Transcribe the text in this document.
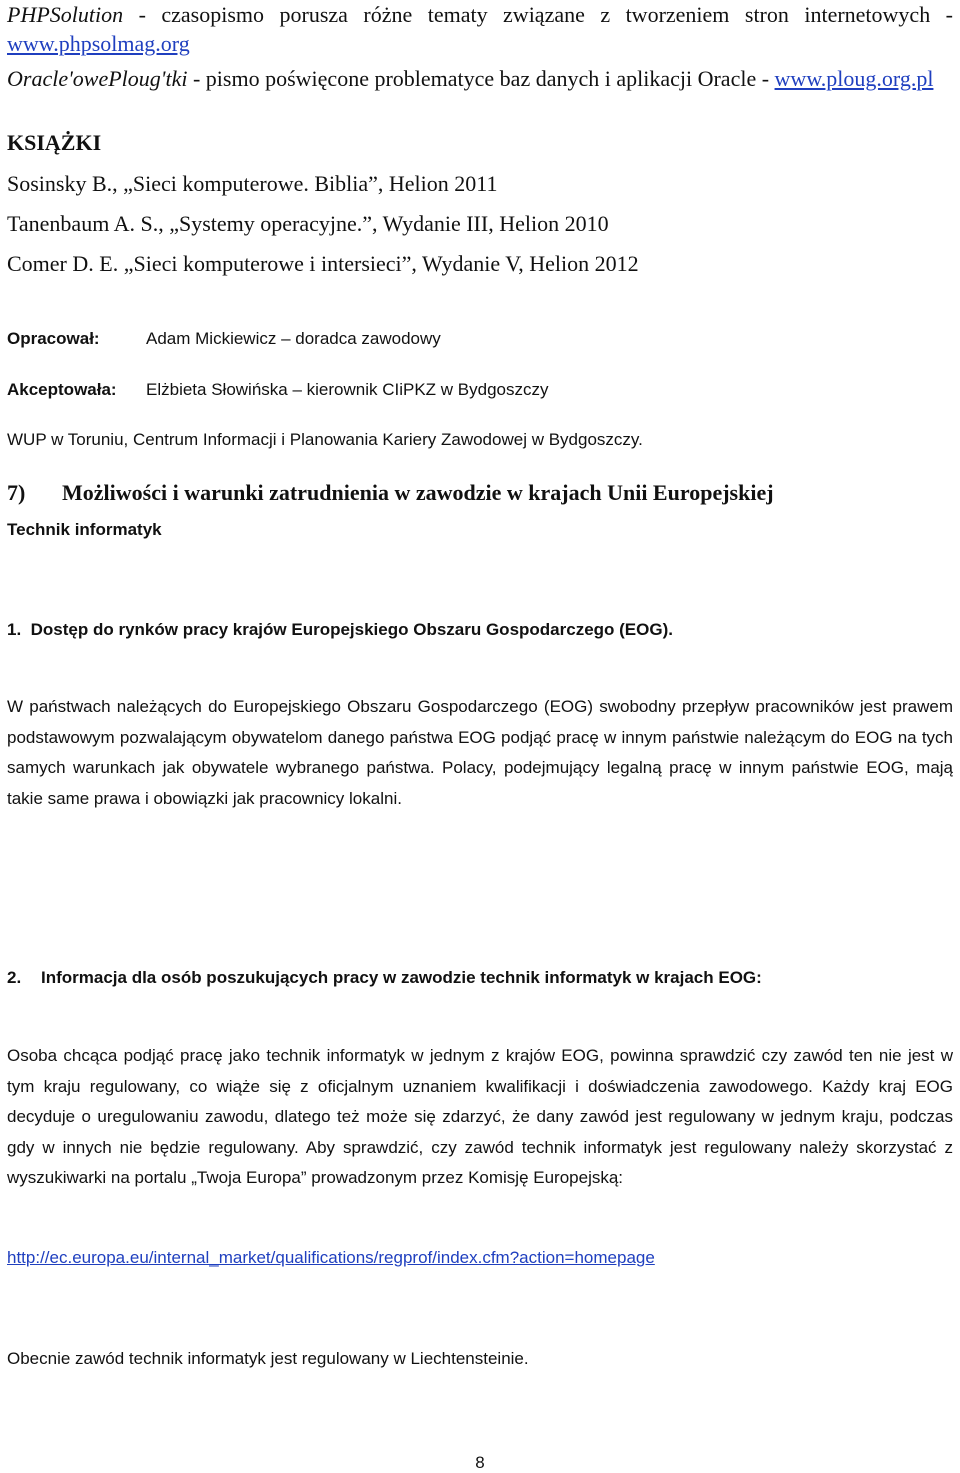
PHPSolution - czasopismo porusza różne tematy związane z tworzeniem stron internetowych - www.phpsolmag.org
Oracle'owePloug'tki - pismo poświęcone problematyce baz danych i aplikacji Oracle - www.ploug.org.pl
KSIĄŻKI
Sosinsky B., „Sieci komputerowe. Biblia”, Helion 2011
Tanenbaum A. S., „Systemy operacyjne.”, Wydanie III, Helion 2010
Comer D. E. „Sieci komputerowe i intersieci”, Wydanie V, Helion 2012
Opracował:	Adam Mickiewicz – doradca zawodowy
Akceptowała: Elżbieta Słowińska – kierownik CIiPKZ w Bydgoszczy
WUP w Toruniu, Centrum Informacji i Planowania Kariery Zawodowej w Bydgoszczy.
7) Możliwości i warunki zatrudnienia w zawodzie w krajach Unii Europejskiej
Technik informatyk
1.  Dostęp do rynków pracy krajów Europejskiego Obszaru Gospodarczego (EOG).
W państwach należących do Europejskiego Obszaru Gospodarczego (EOG) swobodny przepływ pracowników jest prawem podstawowym pozwalającym obywatelom danego państwa EOG podjąć pracę w innym państwie należącym do EOG na tych samych warunkach jak obywatele wybranego państwa. Polacy, podejmujący legalną pracę w innym państwie EOG, mają takie same prawa i obowiązki jak pracownicy lokalni.
2. Informacja dla osób poszukujących pracy w zawodzie technik informatyk w krajach EOG:
Osoba chcąca podjąć pracę jako technik informatyk w jednym z krajów EOG, powinna sprawdzić czy zawód ten nie jest w tym kraju regulowany, co wiąże się z oficjalnym uznaniem kwalifikacji i doświadczenia zawodowego. Każdy kraj EOG decyduje o uregulowaniu zawodu, dlatego też może się zdarzyć, że dany zawód jest regulowany w jednym kraju, podczas gdy w innych nie będzie regulowany. Aby sprawdzić, czy zawód technik informatyk jest regulowany należy skorzystać z wyszukiwarki na portalu „Twoja Europa” prowadzonym przez Komisję Europejską:
http://ec.europa.eu/internal_market/qualifications/regprof/index.cfm?action=homepage
Obecnie zawód technik informatyk jest regulowany w Liechtensteinie.
8
